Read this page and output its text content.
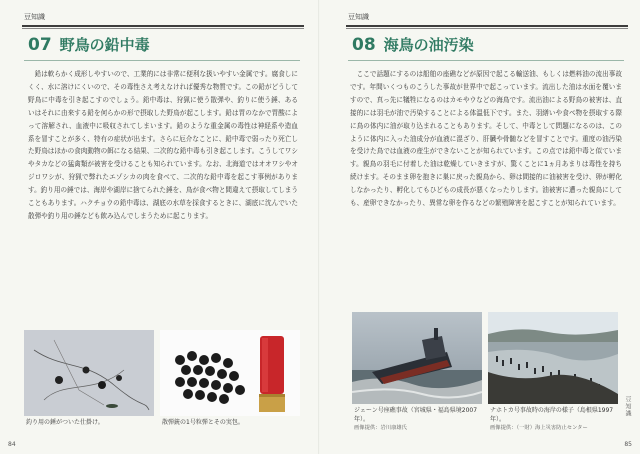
豆知識
07 野鳥の鉛中毒
鉛は軟らかく成形しやすいので、工業的には非常に便利な扱いやすい金属です。腐食しにくく、水に溶けにくいので、その毒性さえ考えなければ優秀な物質です。この鉛がどうして野鳥に中毒を引き起こすのでしょう。鉛中毒は、狩猟に使う散弾や、釣りに使う錘、あるいはそれに由来する鉛を何らかの形で摂取した野鳥が起こします。鉛は胃のなかで胃酸によって溶解され、血液中に吸収されてしまいます。鉛のような重金属の毒性は神経系や造血系を冒すことが多く、特有の症状が出ます。さらに厄介なことに、鉛中毒で弱ったり死亡した野鳥はほかの食肉動物の餌になる結果、二次的な鉛中毒も引き起こします。こうしてワシやタカなどの猛禽類が被害を受けることも知られています。なお、北海道ではオオワシやオジロワシが、狩猟で弊れたエゾシカの肉を食べて、二次的な鉛中毒を起こす事例があります。釣り用の錘では、海岸や湖岸に捨てられた錘を、鳥が食べ物と間違えて摂取してしまうこともあります。ハクチョウの鉛中毒は、湖底の水草を採食するときに、湖底に沈んでいた散弾や釣り用の錘なども飲み込んでしまうために起こります。
釣り用の錘がついた仕掛け。	散弾銃の1号粒弾とその実包。
84
豆知識
08 海鳥の油汚染
ここで話題にするのは船舶の座礁などが原因で起こる輸送油、もしくは燃料油の流出事故です。年間いくつものこうした事故が世界中で起こっています。流出した油は水面を覆いますので、真っ先に犠牲になるのはカモやウなどの海鳥です。流出油による野鳥の被害は、直接的には羽毛が油で汚染することによる体温低下です。また、羽繕いや食べ物を摂取する際に鳥の体内に油が取り込まれることもあります。そして、中毒として問題になるのは、このように体内に入った油成分が血液に混ざり、肝臓や骨髄などを冒すことです。重度の油汚染を受けた鳥では血液の産生ができないことが知られています。この点では鉛中毒と似ています。親鳥の羽毛に付着した油は乾燥していきますが、驚くことに1ヵ月あまりは毒性を持ち続けます。そのまま卵を抱きに巣に戻った親鳥から、卵は間接的に油被害を受け、卵が孵化しなかったり、孵化してもひどもの成長が悪くなったりします。油被害に遭った親鳥にしても、産卵できなかったり、異常な卵を作るなどの繁殖障害を起こすことが知られています。
ジェーン号座礁事故（宮城県・福島県境2007年）。
画像提供：岩川康雄氏
ナホトカ号事故時の海岸の様子（島根県1997年）。
画像提供：（一財）海上災害防止センター
豆知識
85
